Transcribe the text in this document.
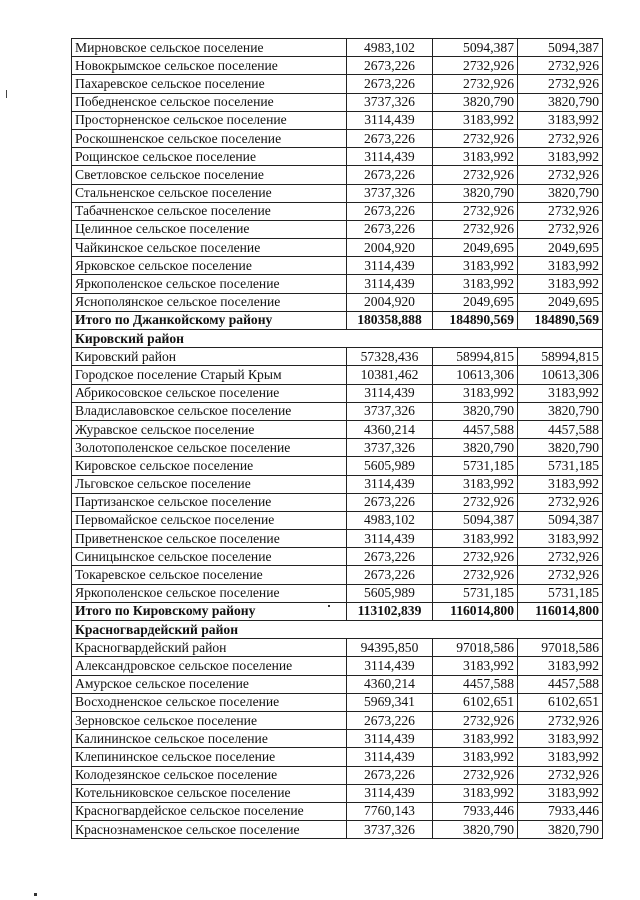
Мирновское сельское поселение	4983,102	5094,387	5094,387
Новокрымское сельское поселение	2673,226	2732,926	2732,926
Пахаревское сельское поселение	2673,226	2732,926	2732,926
Победненское сельское поселение	3737,326	3820,790	3820,790
Просторненское сельское поселение	3114,439	3183,992	3183,992
Роскошненское сельское поселение	2673,226	2732,926	2732,926
Рощинское сельское поселение	3114,439	3183,992	3183,992
Светловское сельское поселение	2673,226	2732,926	2732,926
Стальненское сельское поселение	3737,326	3820,790	3820,790
Табачненское сельское поселение	2673,226	2732,926	2732,926
Целинное сельское поселение	2673,226	2732,926	2732,926
Чайкинское сельское поселение	2004,920	2049,695	2049,695
Ярковское сельское поселение	3114,439	3183,992	3183,992
Яркополенское сельское поселение	3114,439	3183,992	3183,992
Яснополянское сельское поселение	2004,920	2049,695	2049,695
Итого по Джанкойскому району	180358,888	184890,569	184890,569
Кировский район			
Кировский район	57328,436	58994,815	58994,815
Городское поселение Старый Крым	10381,462	10613,306	10613,306
Абрикосовское сельское поселение	3114,439	3183,992	3183,992
Владиславовское сельское поселение	3737,326	3820,790	3820,790
Журавское сельское поселение	4360,214	4457,588	4457,588
Золотополенское сельское поселение	3737,326	3820,790	3820,790
Кировское сельское поселение	5605,989	5731,185	5731,185
Льговское сельское поселение	3114,439	3183,992	3183,992
Партизанское сельское поселение	2673,226	2732,926	2732,926
Первомайское сельское поселение	4983,102	5094,387	5094,387
Приветненское сельское поселение	3114,439	3183,992	3183,992
Синицынское сельское поселение	2673,226	2732,926	2732,926
Токаревское сельское поселение	2673,226	2732,926	2732,926
Яркополенское сельское поселение	5605,989	5731,185	5731,185
Итого по Кировскому району	113102,839	116014,800	116014,800
Красногвардейский район			
Красногвардейский район	94395,850	97018,586	97018,586
Александровское сельское поселение	3114,439	3183,992	3183,992
Амурское сельское поселение	4360,214	4457,588	4457,588
Восходненское сельское поселение	5969,341	6102,651	6102,651
Зерновское сельское поселение	2673,226	2732,926	2732,926
Калининское сельское поселение	3114,439	3183,992	3183,992
Клепининское сельское поселение	3114,439	3183,992	3183,992
Колодезянское сельское поселение	2673,226	2732,926	2732,926
Котельниковское сельское поселение	3114,439	3183,992	3183,992
Красногвардейское сельское поселение	7760,143	7933,446	7933,446
Краснознаменское сельское поселение	3737,326	3820,790	3820,790
